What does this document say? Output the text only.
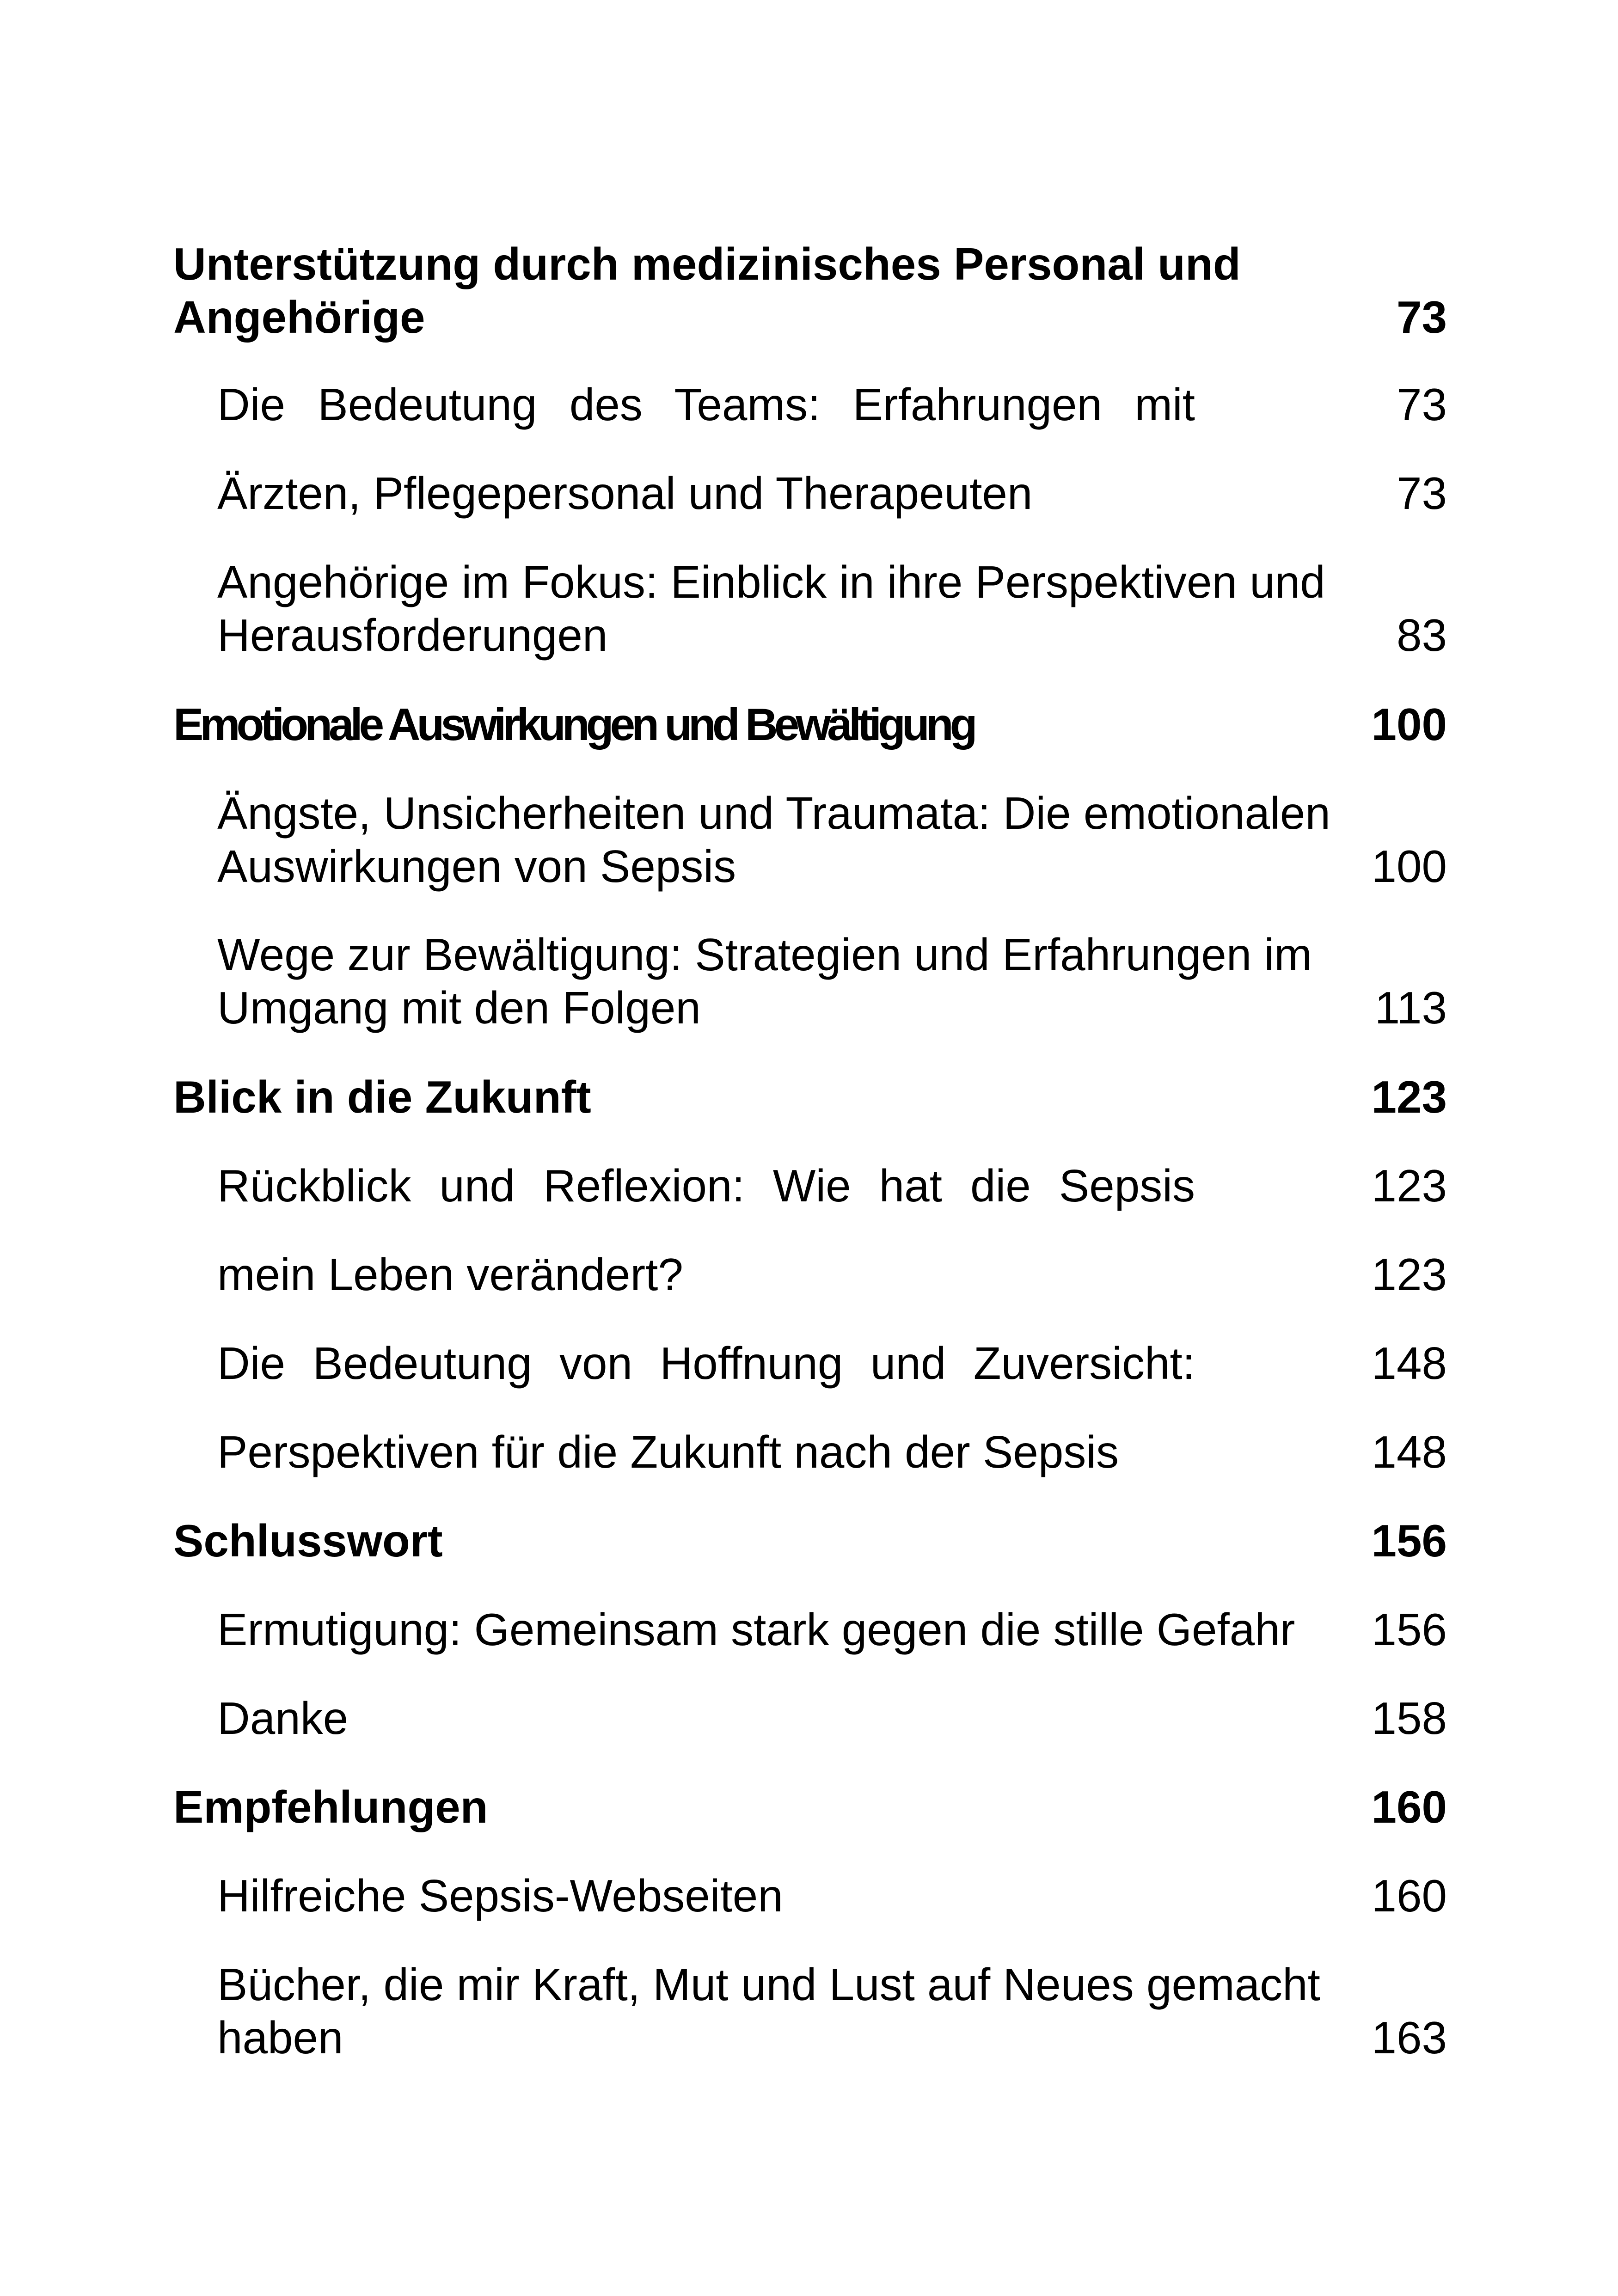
Unterstützung durch medizinisches Personal und
Angehörige	73
Die Bedeutung des Teams: Erfahrungen mit	73
Ärzten, Pflegepersonal und Therapeuten	73
Angehörige im Fokus: Einblick in ihre Perspektiven und
Herausforderungen	83
Emotionale Auswirkungen und Bewältigung	100
Ängste, Unsicherheiten und Traumata: Die emotionalen
Auswirkungen von Sepsis	100
Wege zur Bewältigung: Strategien und Erfahrungen im
Umgang mit den Folgen	113
Blick in die Zukunft	123
Rückblick und Reflexion: Wie hat die Sepsis	123
mein Leben verändert?	123
Die Bedeutung von Hoffnung und Zuversicht:	148
Perspektiven für die Zukunft nach der Sepsis	148
Schlusswort	156
Ermutigung: Gemeinsam stark gegen die stille Gefahr	156
Danke	158
Empfehlungen	160
Hilfreiche Sepsis-Webseiten	160
Bücher, die mir Kraft, Mut und Lust auf Neues gemacht
haben	163
